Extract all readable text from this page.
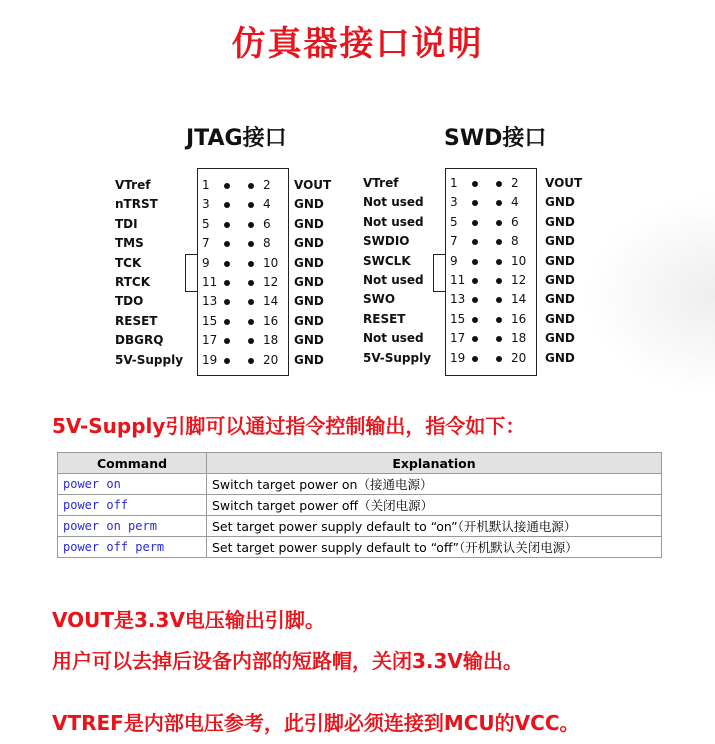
仿真器接口说明
JTAG接口
VTref	1	2 VOUT
nTRST	3	4 GND
TDI	5	6 GND
TMS	7	8 GND
TCK	9	10 GND
RTCK	11	12 GND
TDO	13	14 GND
RESET	15	16 GND
DBGRQ	17	18 GND
5V-Supply 19	20 GND
SWD接口
VTref	1	2 VOUT
Not used 3	4 GND
Not used 5	6 GND
SWDIO	7	8 GND
SWCLK	9	10 GND
Not used 11	12 GND
SWO	13	14 GND
RESET	15	16 GND
Not used 17	18 GND
5V-Supply 19	20 GND
5V-Supply引脚可以通过指令控制输出，指令如下：
Command	Explanation
power on	Switch target power on（接通电源）
power off	Switch target power off（关闭电源）
power on perm	Set target power supply default to “on”（开机默认接通电源）
power off perm	Set target power supply default to “off”（开机默认关闭电源）
VOUT是3.3V电压输出引脚。
用户可以去掉后设备内部的短路帽，关闭3.3V输出。
VTREF是内部电压参考，此引脚必须连接到MCU的VCC。
